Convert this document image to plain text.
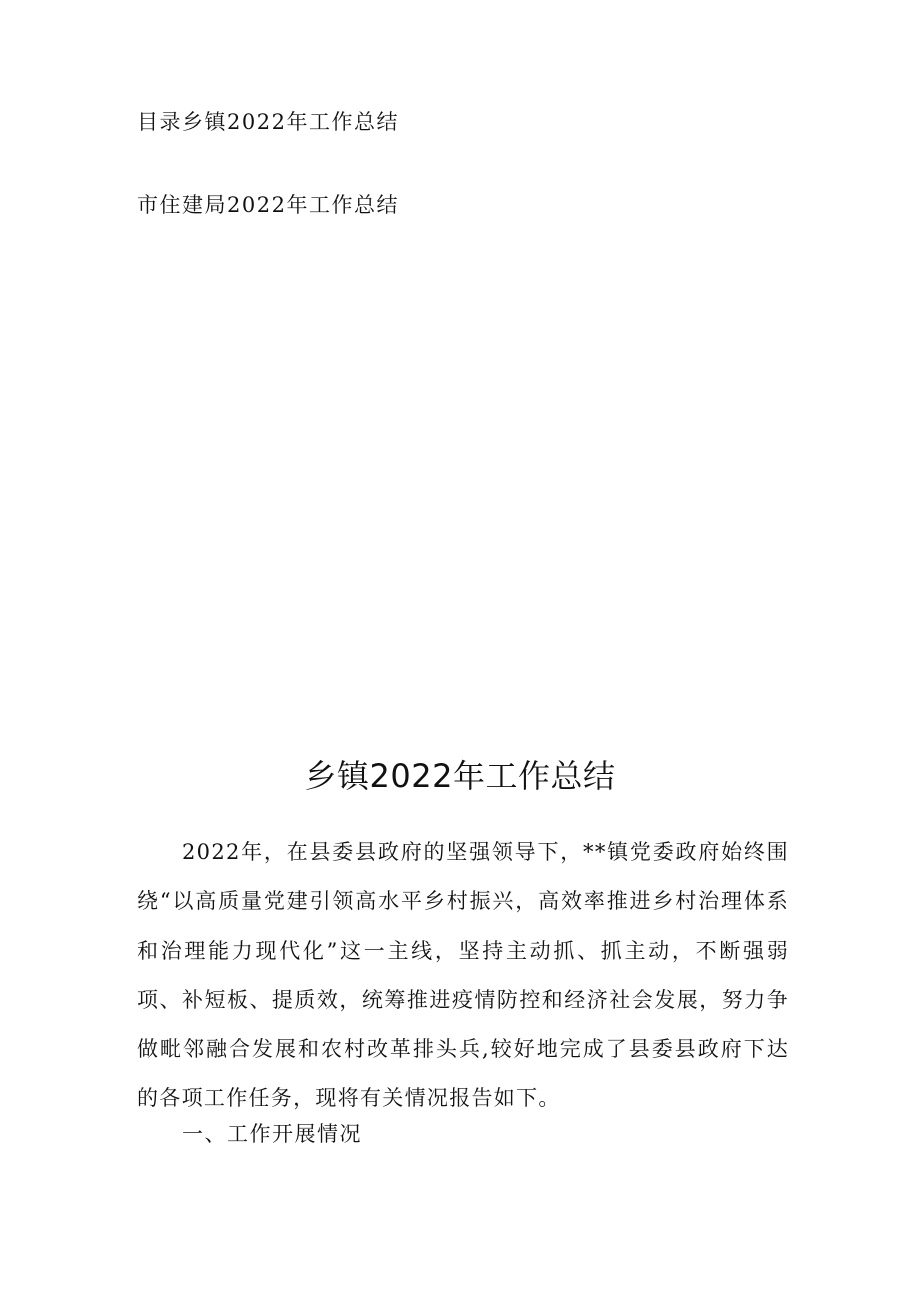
目录乡镇2022年工作总结
市住建局2022年工作总结
乡镇2022年工作总结

2022年，在县委县政府的坚强领导下，**镇党委政府始终围绕“以高质量党建引领高水平乡村振兴，高效率推进乡村治理体系和治理能力现代化”这一主线，坚持主动抓、抓主动，不断强弱项、补短板、提质效，统筹推进疫情防控和经济社会发展，努力争做毗邻融合发展和农村改革排头兵,较好地完成了县委县政府下达的各项工作任务，现将有关情况报告如下。

一、工作开展情况
